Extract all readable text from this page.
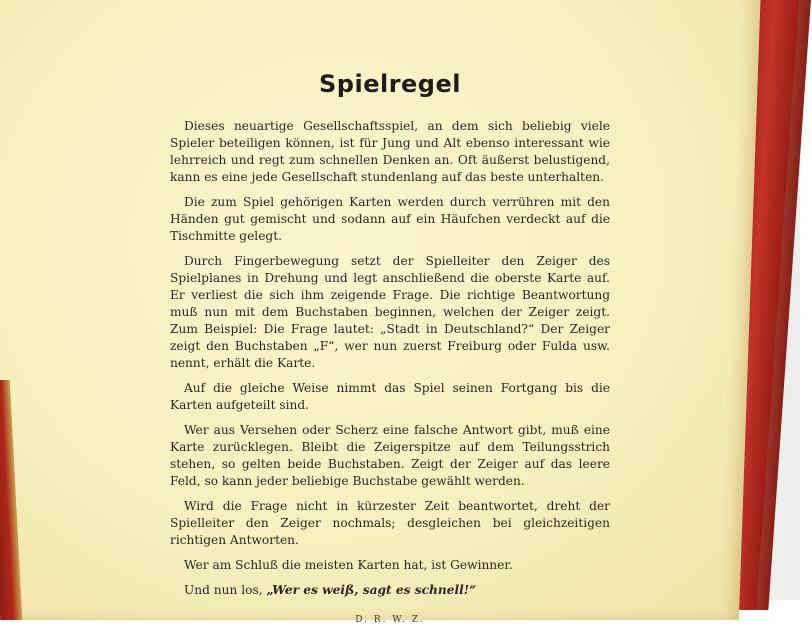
Spielregel

Dieses neuartige Gesellschaftsspiel, an dem sich beliebig viele Spieler beteiligen können, ist für Jung und Alt ebenso interessant wie lehrreich und regt zum schnellen Denken an. Oft äußerst belustigend, kann es eine jede Gesellschaft stundenlang auf das beste unterhalten.

Die zum Spiel gehörigen Karten werden durch verrühren mit den Händen gut gemischt und sodann auf ein Häufchen verdeckt auf die Tischmitte gelegt.

Durch Fingerbewegung setzt der Spielleiter den Zeiger des Spielplanes in Drehung und legt anschließend die oberste Karte auf. Er verliest die sich ihm zeigende Frage. Die richtige Beantwortung muß nun mit dem Buchstaben beginnen, welchen der Zeiger zeigt. Zum Beispiel: Die Frage lautet: „Stadt in Deutschland?“ Der Zeiger zeigt den Buchstaben „F“, wer nun zuerst Freiburg oder Fulda usw. nennt, erhält die Karte.

Auf die gleiche Weise nimmt das Spiel seinen Fortgang bis die Karten aufgeteilt sind.

Wer aus Versehen oder Scherz eine falsche Antwort gibt, muß eine Karte zurücklegen. Bleibt die Zeigerspitze auf dem Teilungsstrich stehen, so gelten beide Buchstaben. Zeigt der Zeiger auf das leere Feld, so kann jeder beliebige Buchstabe gewählt werden.

Wird die Frage nicht in kürzester Zeit beantwortet, dreht der Spielleiter den Zeiger nochmals; desgleichen bei gleichzeitigen richtigen Antworten.

Wer am Schluß die meisten Karten hat, ist Gewinner.

Und nun los, „Wer es weiß, sagt es schnell!“

D. R. W. Z.
